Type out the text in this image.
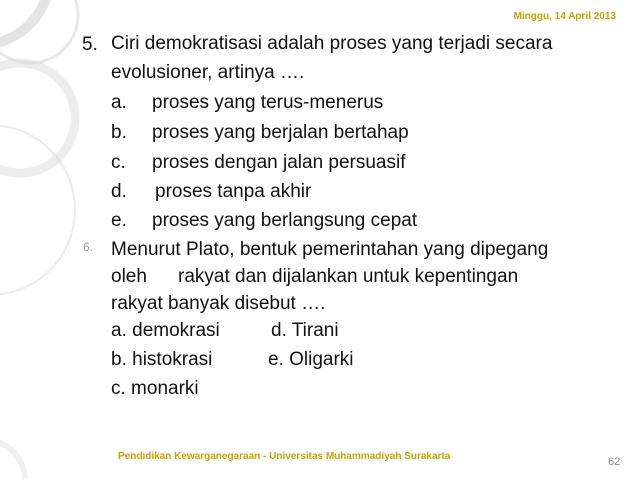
Minggu, 14 April 2013
5. Ciri demokratisasi adalah proses yang terjadi secara
evolusioner, artinya ….
a. proses yang terus-menerus
b. proses yang berjalan bertahap
c. proses dengan jalan persuasif
d. proses tanpa akhir
e. proses yang berlangsung cepat
6. Menurut Plato, bentuk pemerintahan yang dipegang
oleh rakyat dan dijalankan untuk kepentingan
rakyat banyak disebut ….
a. demokrasi	d. Tirani
b. histokrasi	e. Oligarki
c. monarki
Pendidikan Kewarganegaraan - Universitas Muhammadiyah Surakarta	62
